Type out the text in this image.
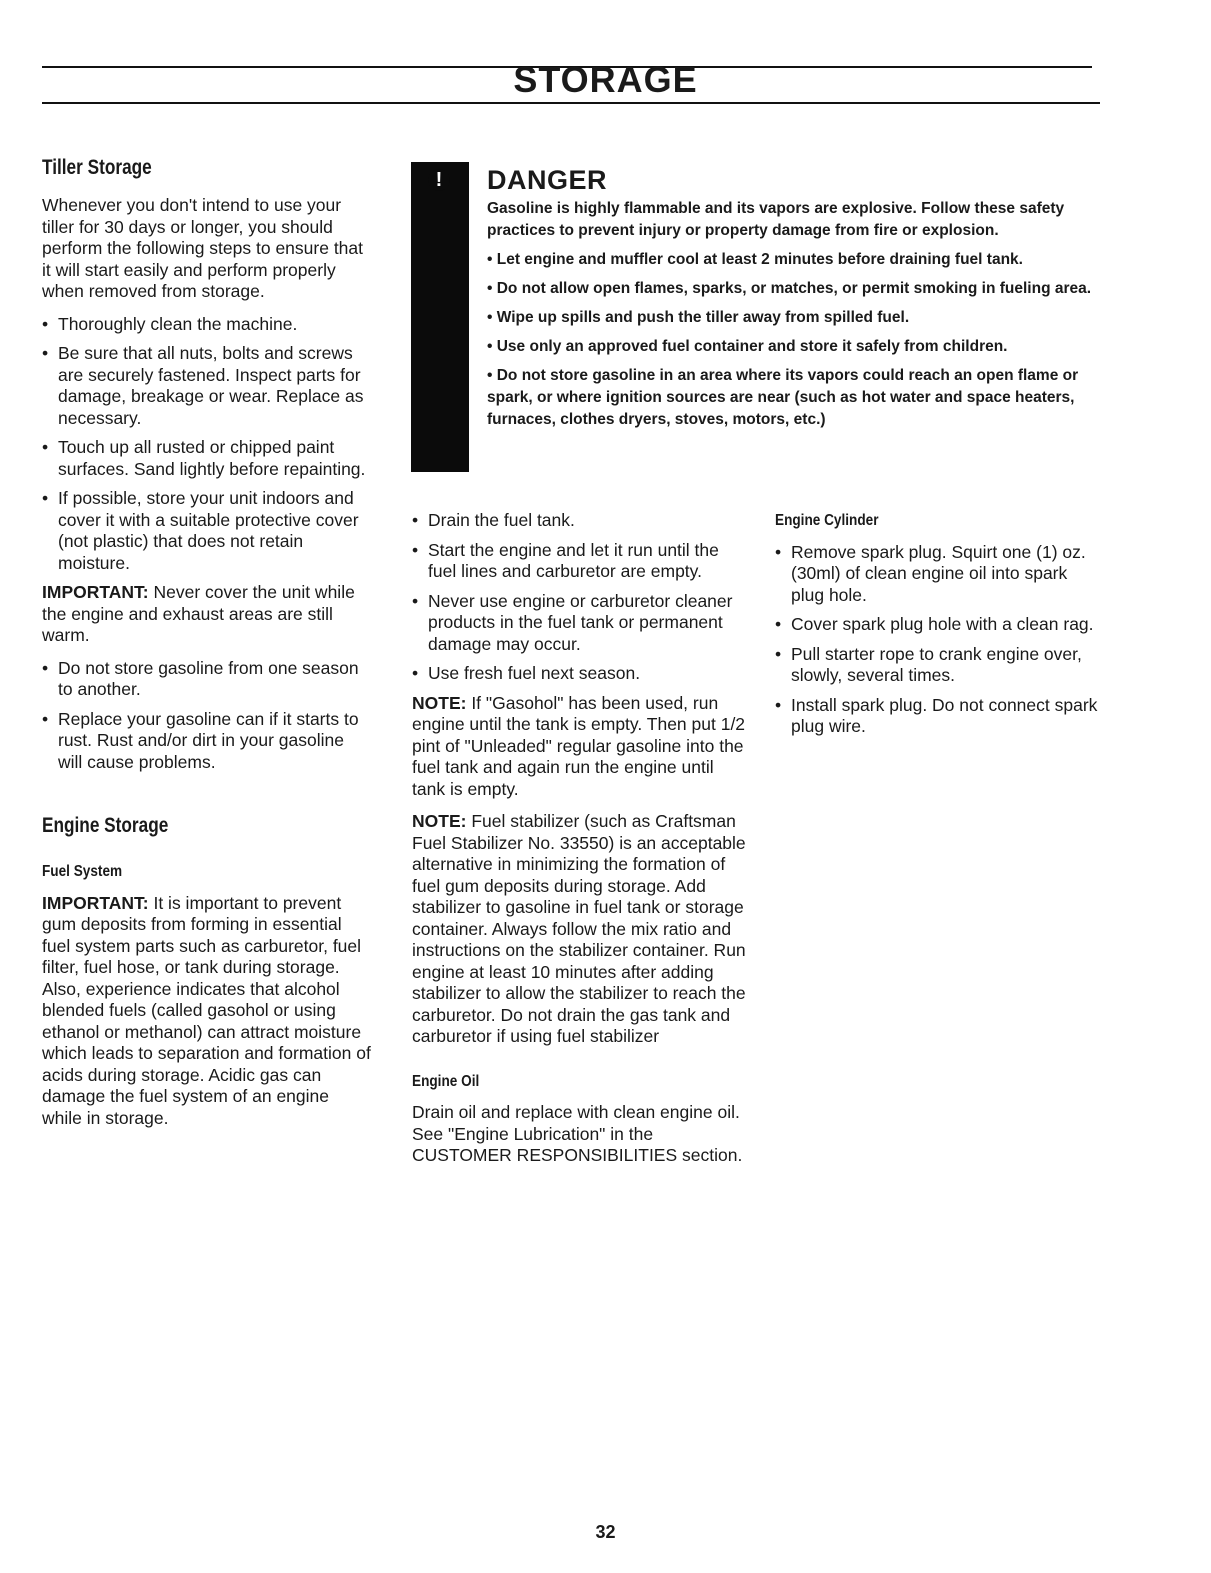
STORAGE
Tiller Storage

Whenever you don't intend to use your tiller for 30 days or longer, you should perform the following steps to ensure that it will start easily and perform properly when removed from storage.

• Thoroughly clean the machine.
• Be sure that all nuts, bolts and screws are securely fastened. Inspect parts for damage, breakage or wear. Replace as necessary.
• Touch up all rusted or chipped paint surfaces. Sand lightly before repainting.
• If possible, store your unit indoors and cover it with a suitable protective cover (not plastic) that does not retain moisture.

IMPORTANT: Never cover the unit while the engine and exhaust areas are still warm.

• Do not store gasoline from one season to another.
• Replace your gasoline can if it starts to rust. Rust and/or dirt in your gasoline will cause problems.
Engine Storage
Fuel System

IMPORTANT: It is important to prevent gum deposits from forming in essential fuel system parts such as carburetor, fuel filter, fuel hose, or tank during storage. Also, experience indicates that alcohol blended fuels (called gasohol or using ethanol or methanol) can attract moisture which leads to separation and formation of acids during storage. Acidic gas can damage the fuel system of an engine while in storage.

! DANGER

Gasoline is highly flammable and its vapors are explosive. Follow these safety practices to prevent injury or property damage from fire or explosion.

• Let engine and muffler cool at least 2 minutes before draining fuel tank.

• Do not allow open flames, sparks, or matches, or permit smoking in fueling area.

• Wipe up spills and push the tiller away from spilled fuel.

• Use only an approved fuel container and store it safely from children.

• Do not store gasoline in an area where its vapors could reach an open flame or spark, or where ignition sources are near (such as hot water and space heaters, furnaces, clothes dryers, stoves, motors, etc.)

• Drain the fuel tank.
• Start the engine and let it run until the fuel lines and carburetor are empty.
• Never use engine or carburetor cleaner products in the fuel tank or permanent damage may occur.
• Use fresh fuel next season.

NOTE: If "Gasohol" has been used, run engine until the tank is empty. Then put 1/2 pint of "Unleaded" regular gasoline into the fuel tank and again run the engine until tank is empty.

NOTE: Fuel stabilizer (such as Craftsman Fuel Stabilizer No. 33550) is an acceptable alternative in minimizing the formation of fuel gum deposits during storage. Add stabilizer to gasoline in fuel tank or storage container. Always follow the mix ratio and instructions on the stabilizer container. Run engine at least 10 minutes after adding stabilizer to allow the stabilizer to reach the carburetor. Do not drain the gas tank and carburetor if using fuel stabilizer

Engine Oil

Drain oil and replace with clean engine oil. See "Engine Lubrication" in the CUSTOMER RESPONSIBILITIES section.

Engine Cylinder
• Remove spark plug. Squirt one (1) oz. (30ml) of clean engine oil into spark plug hole.
• Cover spark plug hole with a clean rag.
• Pull starter rope to crank engine over, slowly, several times.
• Install spark plug. Do not connect spark plug wire.
32
